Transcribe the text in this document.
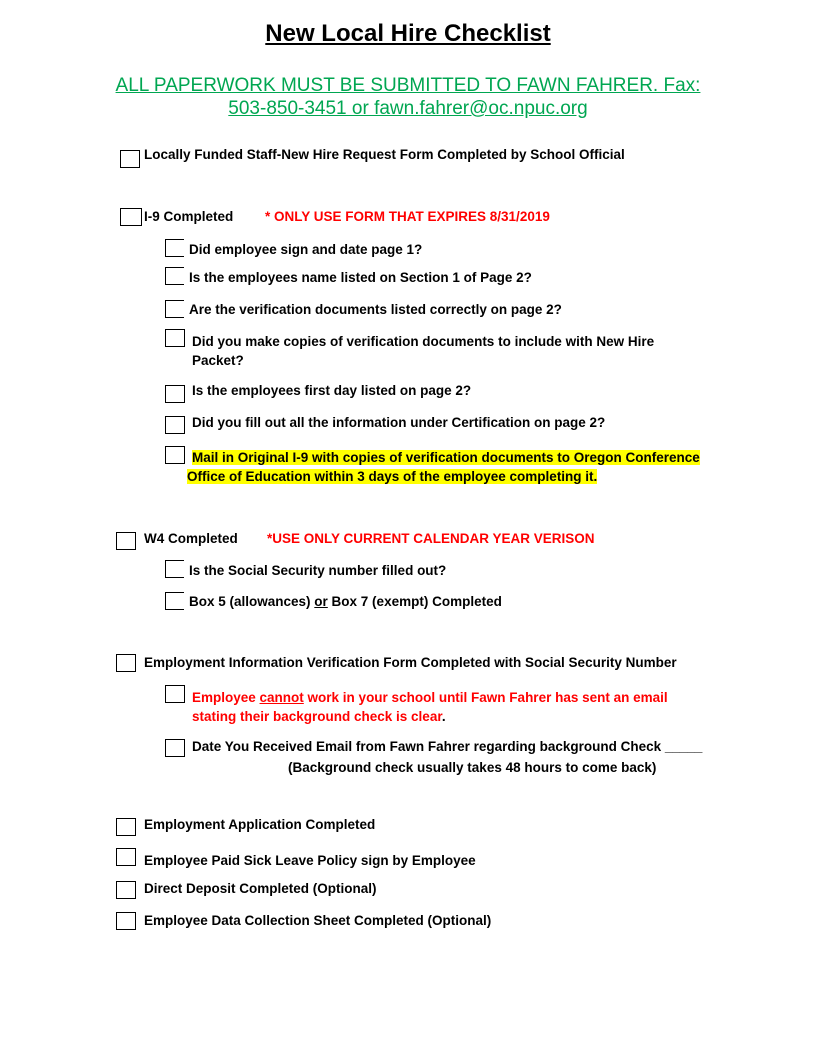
New Local Hire Checklist
ALL PAPERWORK MUST BE SUBMITTED TO FAWN FAHRER. Fax:
503-850-3451 or fawn.fahrer@oc.npuc.org
Locally Funded Staff-New Hire Request Form Completed by School Official
I-9 Completed * ONLY USE FORM THAT EXPIRES 8/31/2019
Did employee sign and date page 1?
Is the employees name listed on Section 1 of Page 2?
Are the verification documents listed correctly on page 2?
Did you make copies of verification documents to include with New Hire
Packet?
Is the employees first day listed on page 2?
Did you fill out all the information under Certification on page 2?
Mail in Original I-9 with copies of verification documents to Oregon Conference
Office of Education within 3 days of the employee completing it.
W4 Completed *USE ONLY CURRENT CALENDAR YEAR VERISON
Is the Social Security number filled out?
Box 5 (allowances) or Box 7 (exempt) Completed
Employment Information Verification Form Completed with Social Security Number
Employee cannot work in your school until Fawn Fahrer has sent an email
stating their background check is clear.
Date You Received Email from Fawn Fahrer regarding background Check _____
(Background check usually takes 48 hours to come back)
Employment Application Completed
Employee Paid Sick Leave Policy sign by Employee
Direct Deposit Completed (Optional)
Employee Data Collection Sheet Completed (Optional)
